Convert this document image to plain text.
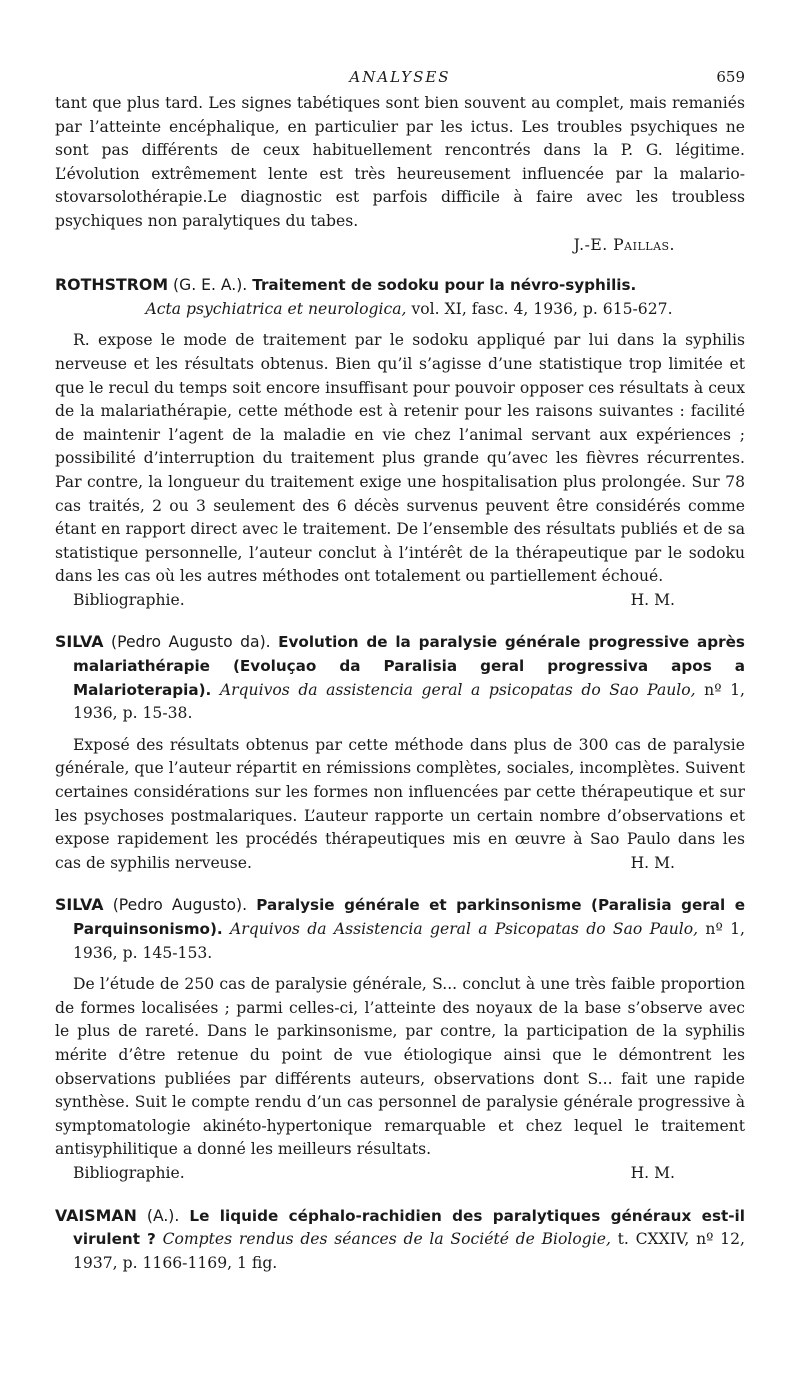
ANALYSES	659

tant que plus tard. Les signes tabétiques sont bien souvent au complet, mais remaniés par l’atteinte encéphalique, en particulier par les ictus. Les troubles psychiques ne sont pas différents de ceux habituellement rencontrés dans la P. G. légitime. L’évolution extrêmement lente est très heureusement influencée par la malario-stovarsolothérapie.Le diagnostic est parfois difficile à faire avec les troubless psychiques non paralytiques du tabes.

J.-E. Paillas.

ROTHSTROM (G. E. A.). Traitement de sodoku pour la névro-syphilis.
Acta psychiatrica et neurologica, vol. XI, fasc. 4, 1936, p. 615-627.

R. expose le mode de traitement par le sodoku appliqué par lui dans la syphilis nerveuse et les résultats obtenus. Bien qu’il s’agisse d’une statistique trop limitée et que le recul du temps soit encore insuffisant pour pouvoir opposer ces résultats à ceux de la malariathérapie, cette méthode est à retenir pour les raisons suivantes : facilité de maintenir l’agent de la maladie en vie chez l’animal servant aux expériences ; possibilité d’interruption du traitement plus grande qu’avec les fièvres récurrentes. Par contre, la longueur du traitement exige une hospitalisation plus prolongée. Sur 78 cas traités, 2 ou 3 seulement des 6 décès survenus peuvent être considérés comme étant en rapport direct avec le traitement. De l’ensemble des résultats publiés et de sa statistique personnelle, l’auteur conclut à l’intérêt de la thérapeutique par le sodoku dans les cas où les autres méthodes ont totalement ou partiellement échoué.

Bibliographie.	H. M.

SILVA (Pedro Augusto da). Evolution de la paralysie générale progressive après malariathérapie (Evoluçao da Paralisia geral progressiva apos a Malarioterapia). Arquivos da assistencia geral a psicopatas do Sao Paulo, nº 1, 1936, p. 15-38.

Exposé des résultats obtenus par cette méthode dans plus de 300 cas de paralysie générale, que l’auteur répartit en rémissions complètes, sociales, incomplètes. Suivent certaines considérations sur les formes non influencées par cette thérapeutique et sur les psychoses postmalariques. L’auteur rapporte un certain nombre d’observations et expose rapidement les procédés thérapeutiques mis en œuvre à Sao Paulo dans les cas de syphilis nerveuse.	H. M.

SILVA (Pedro Augusto). Paralysie générale et parkinsonisme (Paralisia geral e Parquinsonismo). Arquivos da Assistencia geral a Psicopatas do Sao Paulo, nº 1, 1936, p. 145-153.

De l’étude de 250 cas de paralysie générale, S... conclut à une très faible proportion de formes localisées ; parmi celles-ci, l’atteinte des noyaux de la base s’observe avec le plus de rareté. Dans le parkinsonisme, par contre, la participation de la syphilis mérite d’être retenue du point de vue étiologique ainsi que le démontrent les observations publiées par différents auteurs, observations dont S... fait une rapide synthèse. Suit le compte rendu d’un cas personnel de paralysie générale progressive à symptomatologie akinéto-hypertonique remarquable et chez lequel le traitement antisyphilitique a donné les meilleurs résultats.

Bibliographie.	H. M.

VAISMAN (A.). Le liquide céphalo-rachidien des paralytiques généraux est-il virulent ? Comptes rendus des séances de la Société de Biologie, t. CXXIV, nº 12, 1937, p. 1166-1169, 1 fig.
